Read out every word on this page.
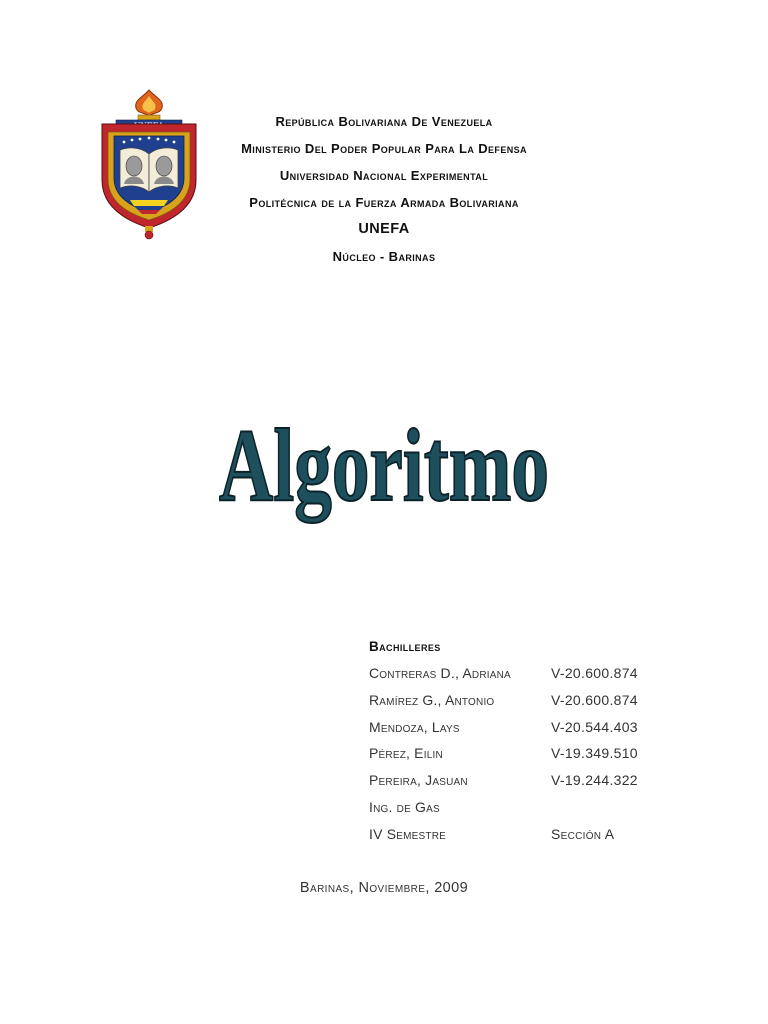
República Bolivariana De Venezuela
Ministerio Del Poder Popular Para La Defensa
Universidad Nacional Experimental
Politécnica de la Fuerza Armada Bolivariana
UNEFA
Núcleo - Barinas
Algoritmo
Bachilleres
Contreras D., Adriana	V-20.600.874
Ramírez G., Antonio	V-20.600.874
Mendoza, Lays	V-20.544.403
Pérez, Eilin	V-19.349.510
Pereira, Jasuan	V-19.244.322
Ing. de Gas
IV Semestre	Sección A
Barinas, Noviembre, 2009
